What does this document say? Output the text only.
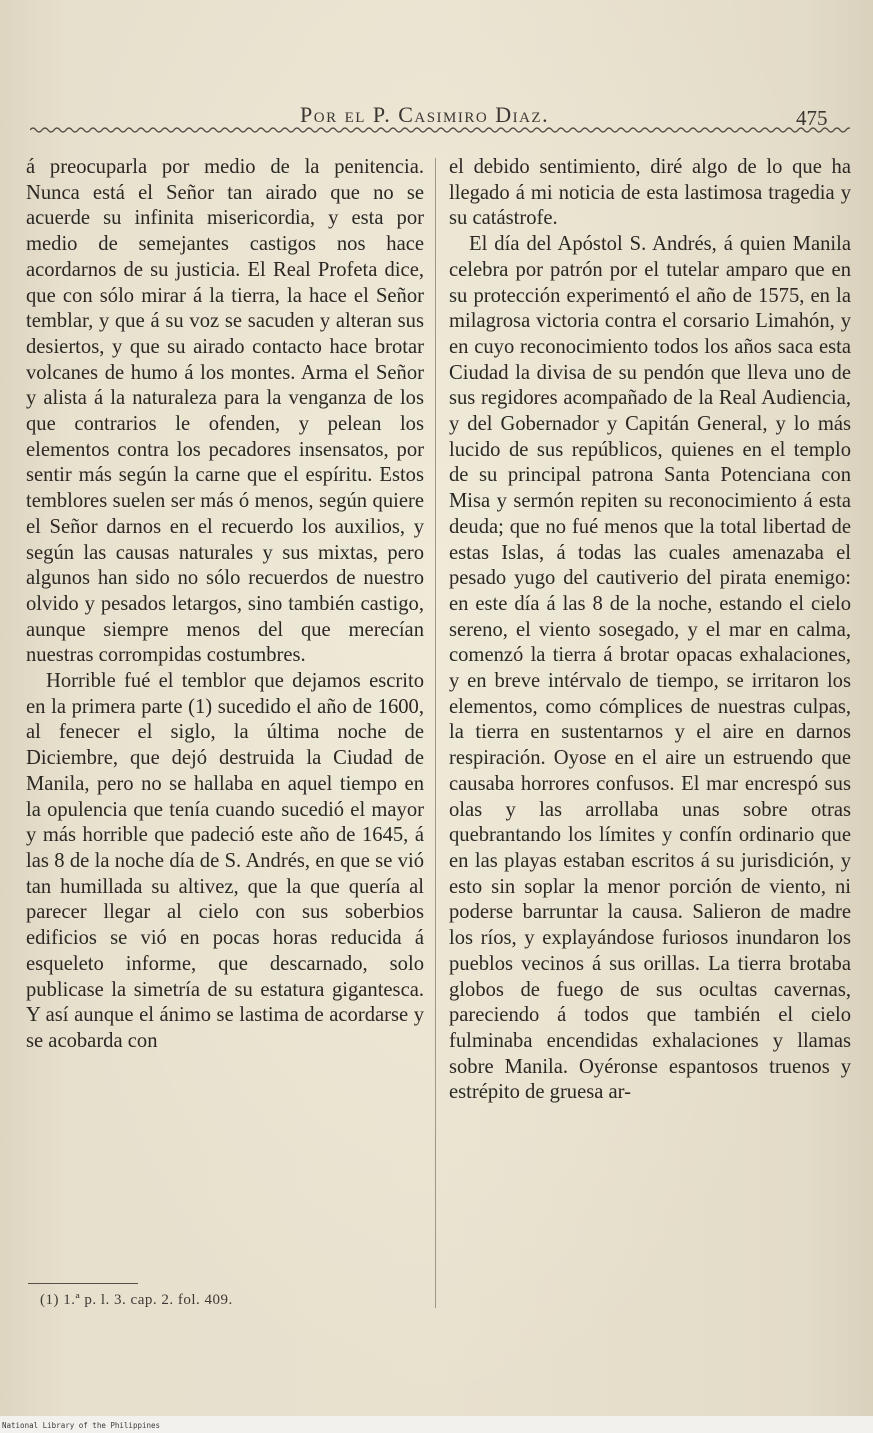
Por el P. Casimiro Diaz.	475

á preocuparla por medio de la penitencia. Nunca está el Señor tan airado que no se acuerde su infinita misericordia, y esta por medio de semejantes castigos nos hace acordarnos de su justicia. El Real Profeta dice, que con sólo mirar á la tierra, la hace el Señor temblar, y que á su voz se sacuden y alteran sus desiertos, y que su airado contacto hace brotar volcanes de humo á los montes. Arma el Señor y alista á la naturaleza para la venganza de los que contrarios le ofenden, y pelean los elementos contra los pecadores insensatos, por sentir más según la carne que el espíritu. Estos temblores suelen ser más ó menos, según quiere el Señor darnos en el recuerdo los auxilios, y según las causas naturales y sus mixtas, pero algunos han sido no sólo recuerdos de nuestro olvido y pesados letargos, sino también castigo, aunque siempre menos del que merecían nuestras corrompidas costumbres.

Horrible fué el temblor que dejamos escrito en la primera parte (1) sucedido el año de 1600, al fenecer el siglo, la última noche de Diciembre, que dejó destruida la Ciudad de Manila, pero no se hallaba en aquel tiempo en la opulencia que tenía cuando sucedió el mayor y más horrible que padeció este año de 1645, á las 8 de la noche día de S. Andrés, en que se vió tan humillada su altivez, que la que quería al parecer llegar al cielo con sus soberbios edificios se vió en pocas horas reducida á esqueleto informe, que descarnado, solo publicase la simetría de su estatura gigantesca. Y así aunque el ánimo se lastima de acordarse y se acobarda con

el debido sentimiento, diré algo de lo que ha llegado á mi noticia de esta lastimosa tragedia y su catástrofe.

El día del Apóstol S. Andrés, á quien Manila celebra por patrón por el tutelar amparo que en su protección experimentó el año de 1575, en la milagrosa victoria contra el corsario Limahón, y en cuyo reconocimiento todos los años saca esta Ciudad la divisa de su pendón que lleva uno de sus regidores acompañado de la Real Audiencia, y del Gobernador y Capitán General, y lo más lucido de sus repúblicos, quienes en el templo de su principal patrona Santa Potenciana con Misa y sermón repiten su reconocimiento á esta deuda; que no fué menos que la total libertad de estas Islas, á todas las cuales amenazaba el pesado yugo del cautiverio del pirata enemigo: en este día á las 8 de la noche, estando el cielo sereno, el viento sosegado, y el mar en calma, comenzó la tierra á brotar opacas exhalaciones, y en breve intérvalo de tiempo, se irritaron los elementos, como cómplices de nuestras culpas, la tierra en sustentarnos y el aire en darnos respiración. Oyose en el aire un estruendo que causaba horrores confusos. El mar encrespó sus olas y las arrollaba unas sobre otras quebrantando los límites y confín ordinario que en las playas estaban escritos á su jurisdición, y esto sin soplar la menor porción de viento, ni poderse barruntar la causa. Salieron de madre los ríos, y explayándose furiosos inundaron los pueblos vecinos á sus orillas. La tierra brotaba globos de fuego de sus ocultas cavernas, pareciendo á todos que también el cielo fulminaba encendidas exhalaciones y llamas sobre Manila. Oyéronse espantosos truenos y estrépito de gruesa ar-

(1) 1.ª p. l. 3. cap. 2. fol. 409.
National Library of the Philippines
